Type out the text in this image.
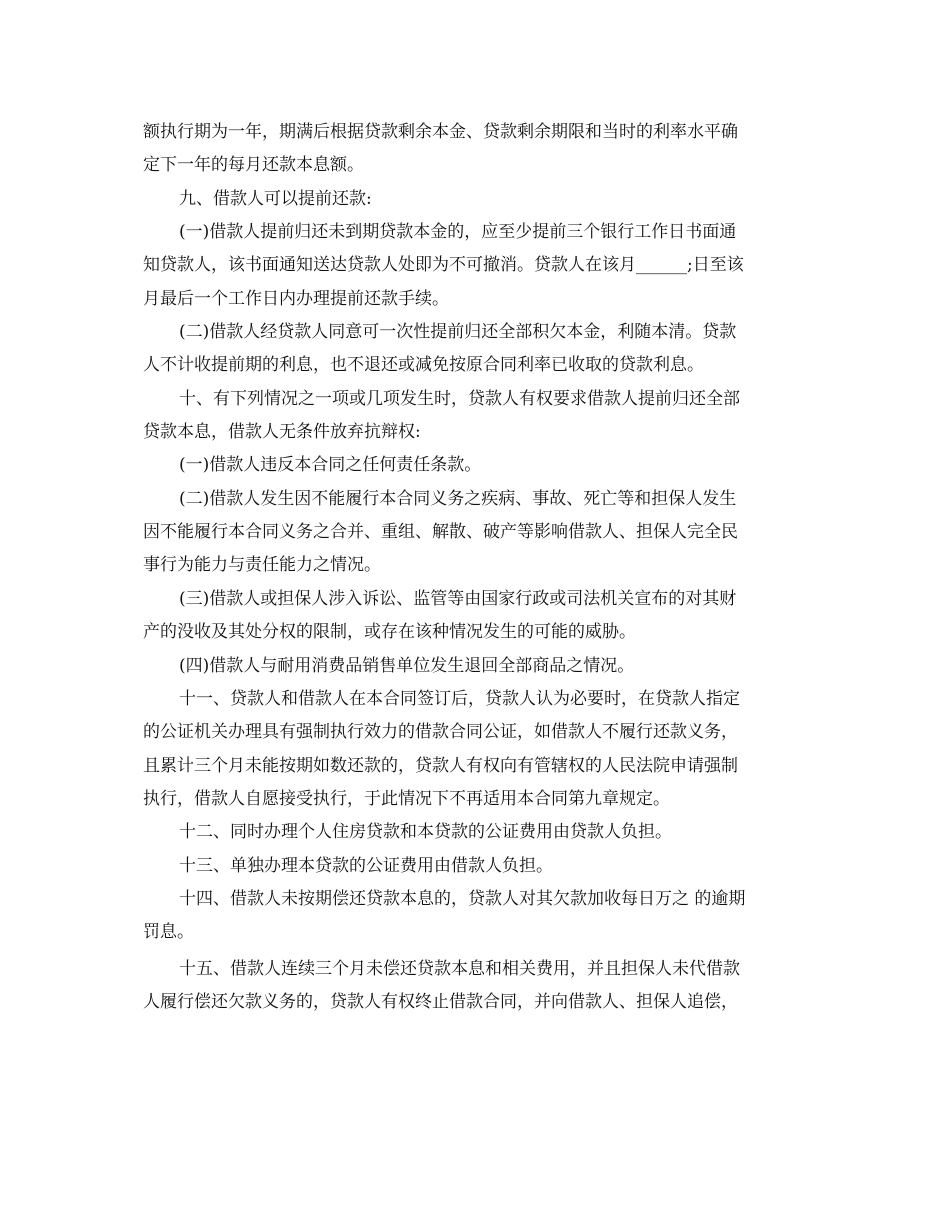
额执行期为一年，期满后根据贷款剩余本金、贷款剩余期限和当时的利率水平确
定下一年的每月还款本息额。
九、借款人可以提前还款:
(一)借款人提前归还未到期贷款本金的，应至少提前三个银行工作日书面通
知贷款人，该书面通知送达贷款人处即为不可撤消。贷款人在该月______;日至该
月最后一个工作日内办理提前还款手续。
(二)借款人经贷款人同意可一次性提前归还全部积欠本金，利随本清。贷款
人不计收提前期的利息，也不退还或减免按原合同利率已收取的贷款利息。
十、有下列情况之一项或几项发生时，贷款人有权要求借款人提前归还全部
贷款本息，借款人无条件放弃抗辩权:
(一)借款人违反本合同之任何责任条款。
(二)借款人发生因不能履行本合同义务之疾病、事故、死亡等和担保人发生
因不能履行本合同义务之合并、重组、解散、破产等影响借款人、担保人完全民
事行为能力与责任能力之情况。
(三)借款人或担保人涉入诉讼、监管等由国家行政或司法机关宣布的对其财
产的没收及其处分权的限制，或存在该种情况发生的可能的威胁。
(四)借款人与耐用消费品销售单位发生退回全部商品之情况。
十一、贷款人和借款人在本合同签订后，贷款人认为必要时，在贷款人指定
的公证机关办理具有强制执行效力的借款合同公证，如借款人不履行还款义务，
且累计三个月未能按期如数还款的，贷款人有权向有管辖权的人民法院申请强制
执行，借款人自愿接受执行，于此情况下不再适用本合同第九章规定。
十二、同时办理个人住房贷款和本贷款的公证费用由贷款人负担。
十三、单独办理本贷款的公证费用由借款人负担。
十四、借款人未按期偿还贷款本息的，贷款人对其欠款加收每日万之 的逾期
罚息。
十五、借款人连续三个月未偿还贷款本息和相关费用，并且担保人未代借款
人履行偿还欠款义务的，贷款人有权终止借款合同，并向借款人、担保人追偿，
